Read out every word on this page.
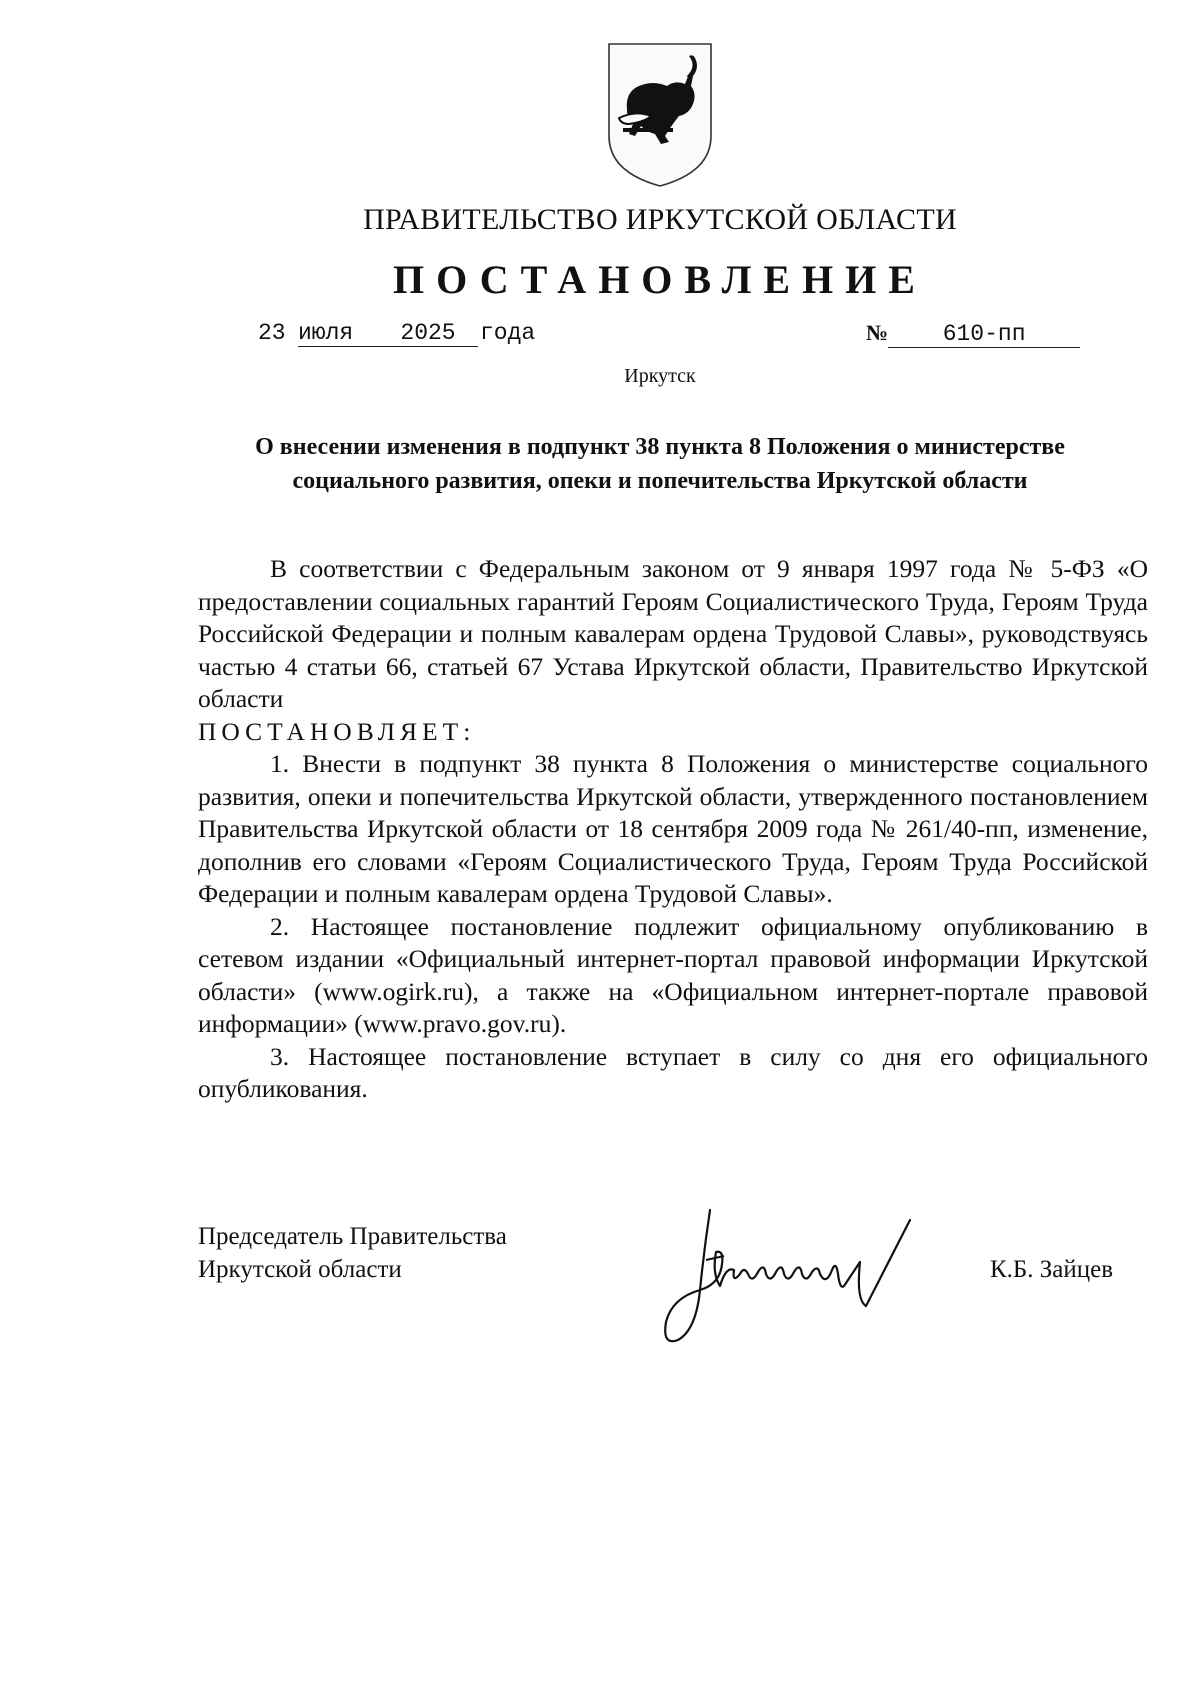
ПРАВИТЕЛЬСТВО ИРКУТСКОЙ ОБЛАСТИ
ПОСТАНОВЛЕНИЕ
23 июля 2025 года	№ 610-пп
Иркутск
О внесении изменения в подпункт 38 пункта 8 Положения о министерстве социального развития, опеки и попечительства Иркутской области

В соответствии с Федеральным законом от 9 января 1997 года № 5-ФЗ «О предоставлении социальных гарантий Героям Социалистического Труда, Героям Труда Российской Федерации и полным кавалерам ордена Трудовой Славы», руководствуясь частью 4 статьи 66, статьей 67 Устава Иркутской области, Правительство Иркутской области

ПОСТАНОВЛЯЕТ:

1. Внести в подпункт 38 пункта 8 Положения о министерстве социального развития, опеки и попечительства Иркутской области, утвержденного постановлением Правительства Иркутской области от 18 сентября 2009 года № 261/40-пп, изменение, дополнив его словами «Героям Социалистического Труда, Героям Труда Российской Федерации и полным кавалерам ордена Трудовой Славы».

2. Настоящее постановление подлежит официальному опубликованию в сетевом издании «Официальный интернет-портал правовой информации Иркутской области» (www.ogirk.ru), а также на «Официальном интернет-портале правовой информации» (www.pravo.gov.ru).

3. Настоящее постановление вступает в силу со дня его официального опубликования.

Председатель Правительства
Иркутской области	К.Б. Зайцев
